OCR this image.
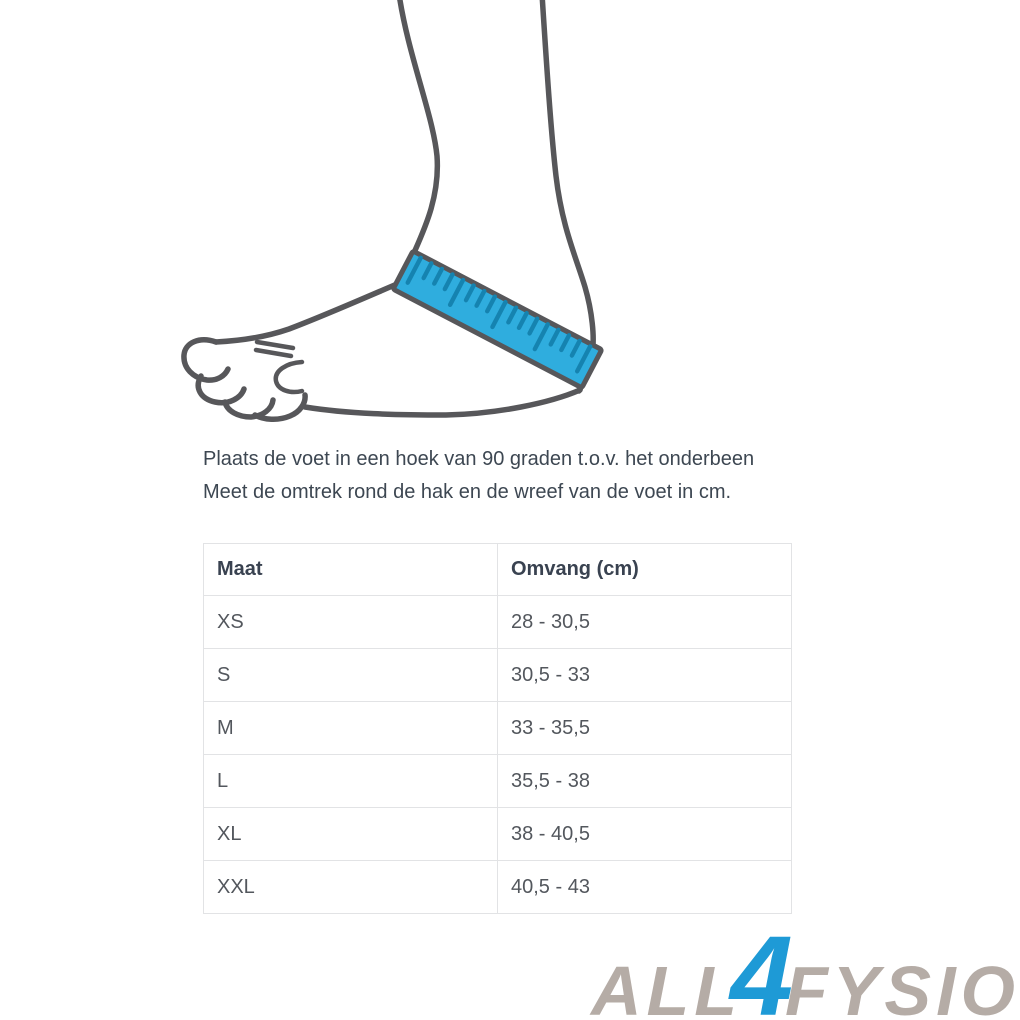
Plaats de voet in een hoek van 90 graden t.o.v. het onderbeen
Meet de omtrek rond de hak en de wreef van de voet in cm.
Maat	Omvang (cm)
XS	28 - 30,5
S	30,5 - 33
M	33 - 35,5
L	35,5 - 38
XL	38 - 40,5
XXL	40,5 - 43
ALL
4
FYSIO
